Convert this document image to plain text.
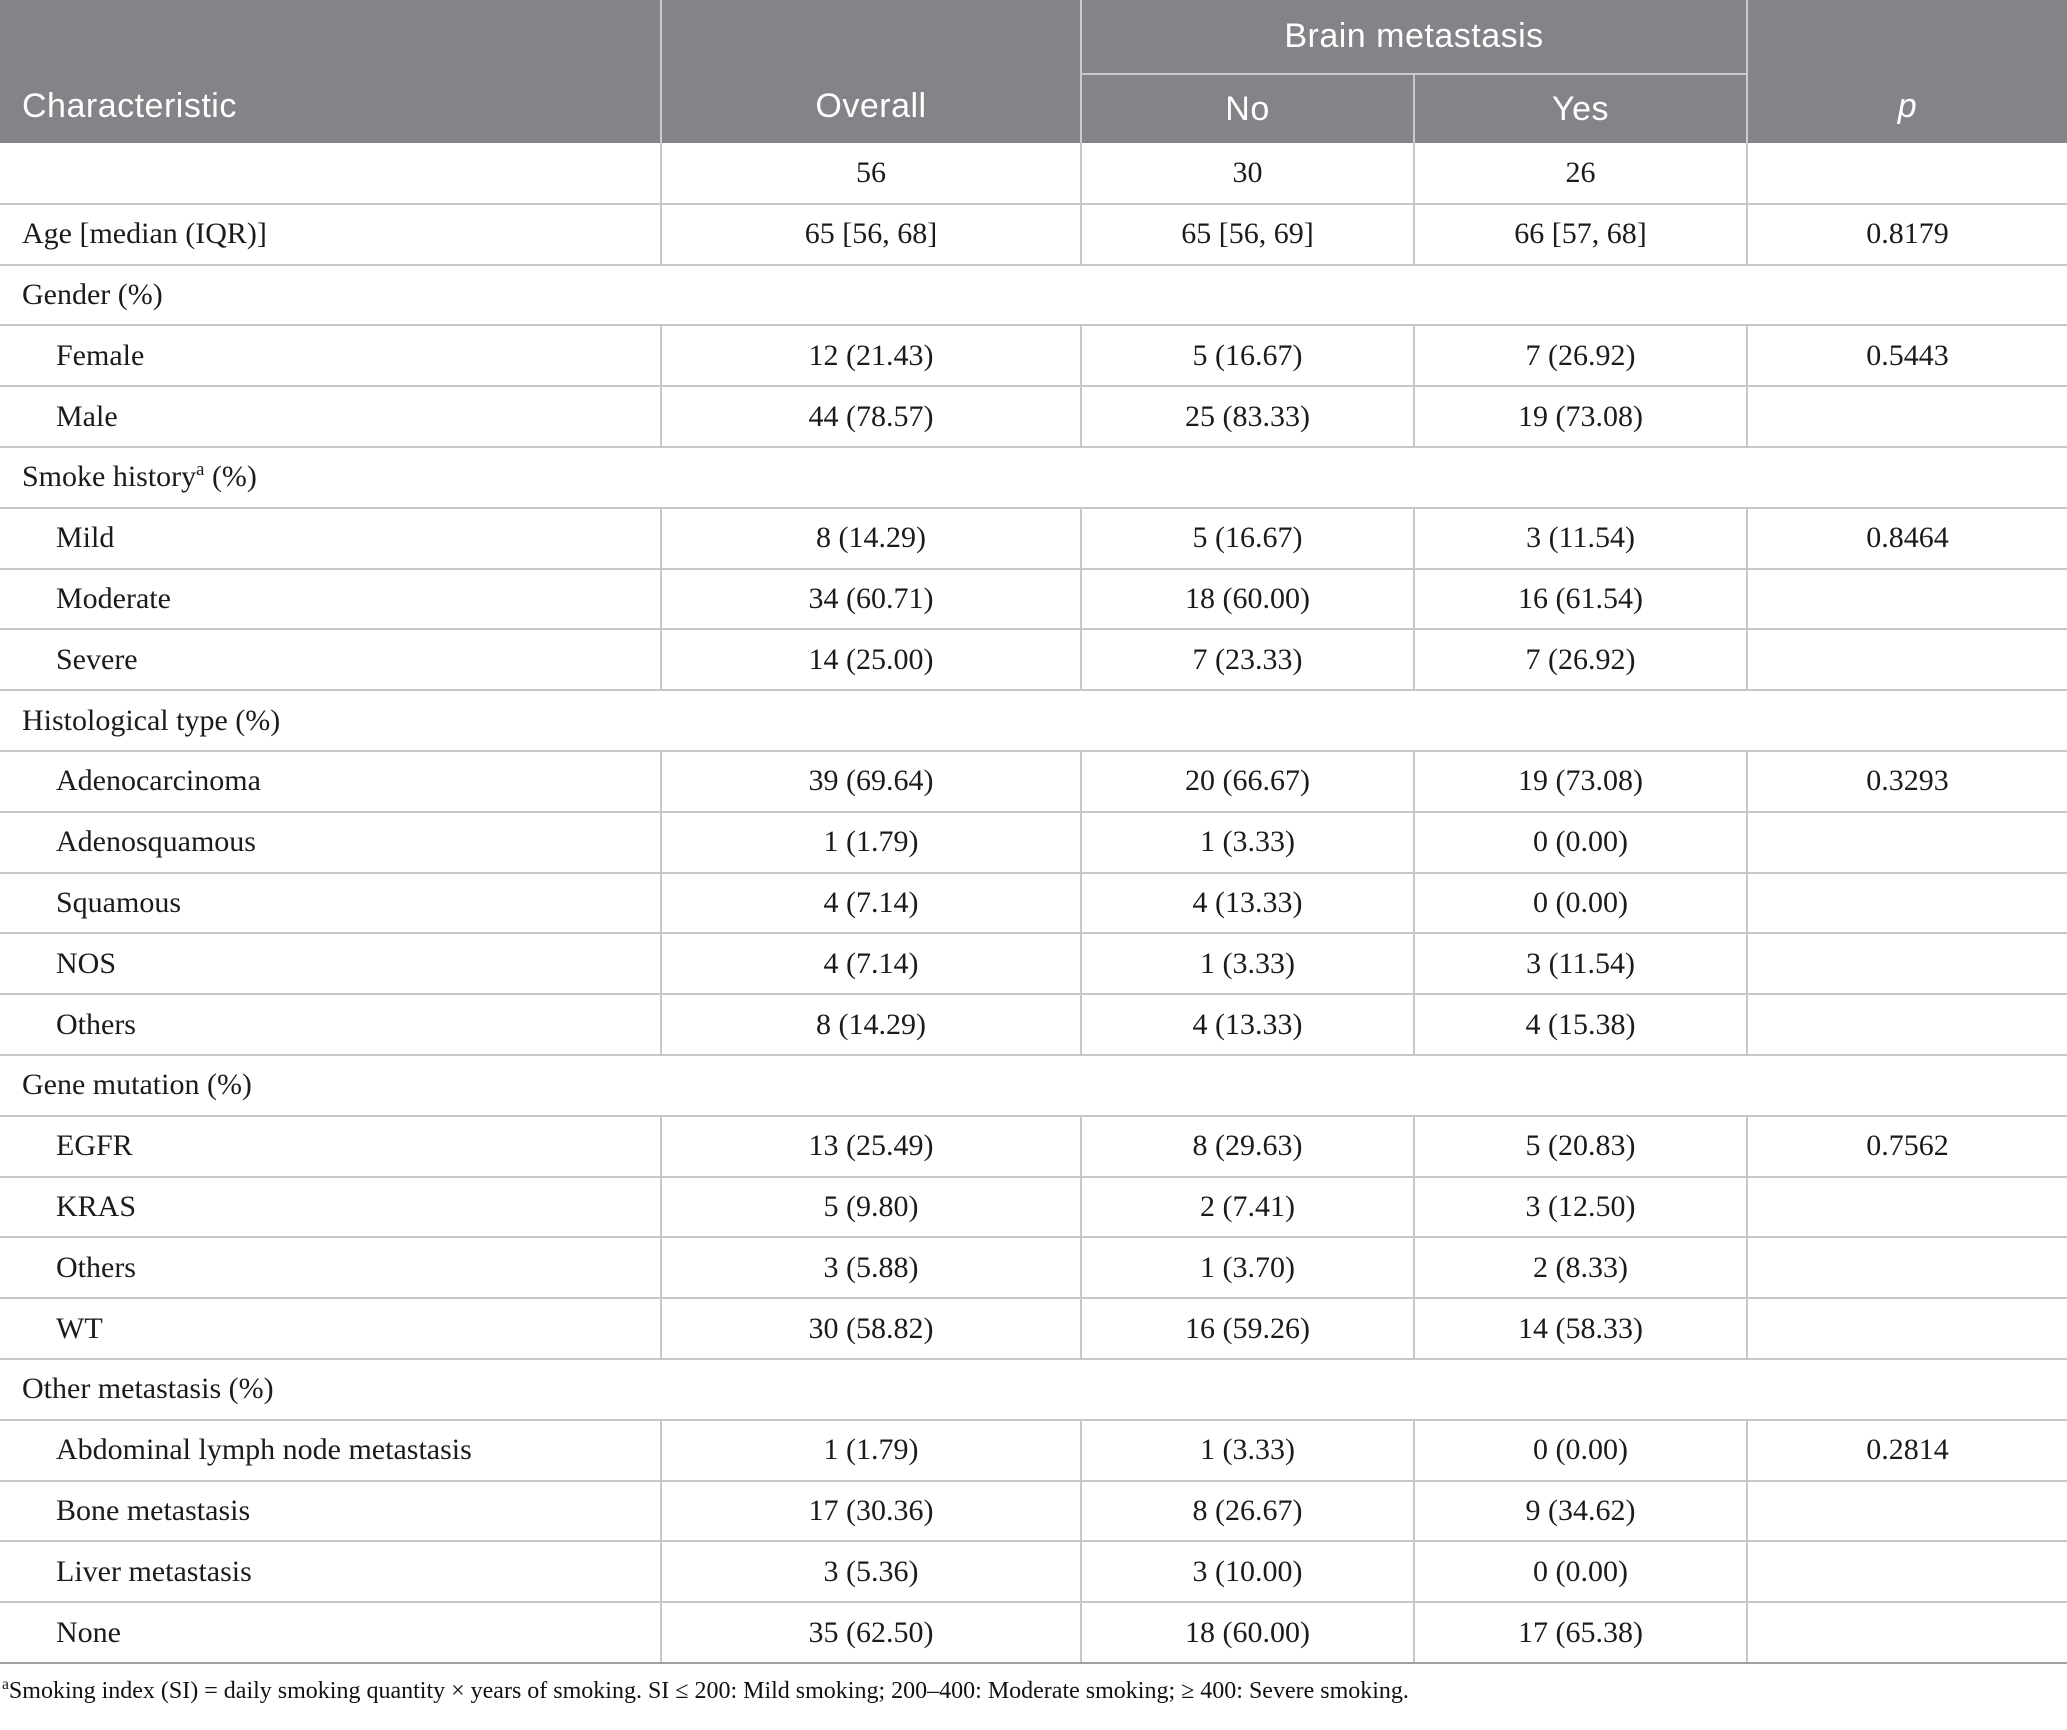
Characteristic	Overall	Brain metastasis		p
		No	Yes	
	56	30	26	
Age [median (IQR)]	65 [56, 68]	65 [56, 69]	66 [57, 68]	0.8179
Gender (%)				
Female	12 (21.43)	5 (16.67)	7 (26.92)	0.5443
Male	44 (78.57)	25 (83.33)	19 (73.08)	
Smoke history$^a$ (%)				
Mild	8 (14.29)	5 (16.67)	3 (11.54)	0.8464
Moderate	34 (60.71)	18 (60.00)	16 (61.54)	
Severe	14 (25.00)	7 (23.33)	7 (26.92)	
Histological type (%)				
Adenocarcinoma	39 (69.64)	20 (66.67)	19 (73.08)	0.3293
Adenosquamous	1 (1.79)	1 (3.33)	0 (0.00)	
Squamous	4 (7.14)	4 (13.33)	0 (0.00)	
NOS	4 (7.14)	1 (3.33)	3 (11.54)	
Others	8 (14.29)	4 (13.33)	4 (15.38)	
Gene mutation (%)				
EGFR	13 (25.49)	8 (29.63)	5 (20.83)	0.7562
KRAS	5 (9.80)	2 (7.41)	3 (12.50)	
Others	3 (5.88)	1 (3.70)	2 (8.33)	
WT	30 (58.82)	16 (59.26)	14 (58.33)	
Other metastasis (%)				
Abdominal lymph node metastasis	1 (1.79)	1 (3.33)	0 (0.00)	0.2814
Bone metastasis	17 (30.36)	8 (26.67)	9 (34.62)	
Liver metastasis	3 (5.36)	3 (10.00)	0 (0.00)	
None	35 (62.50)	18 (60.00)	17 (65.38)	
$^a$Smoking index (SI) = daily smoking quantity × years of smoking. SI ≤ 200: Mild smoking; 200–400: Moderate smoking; ≥ 400: Severe smoking.
